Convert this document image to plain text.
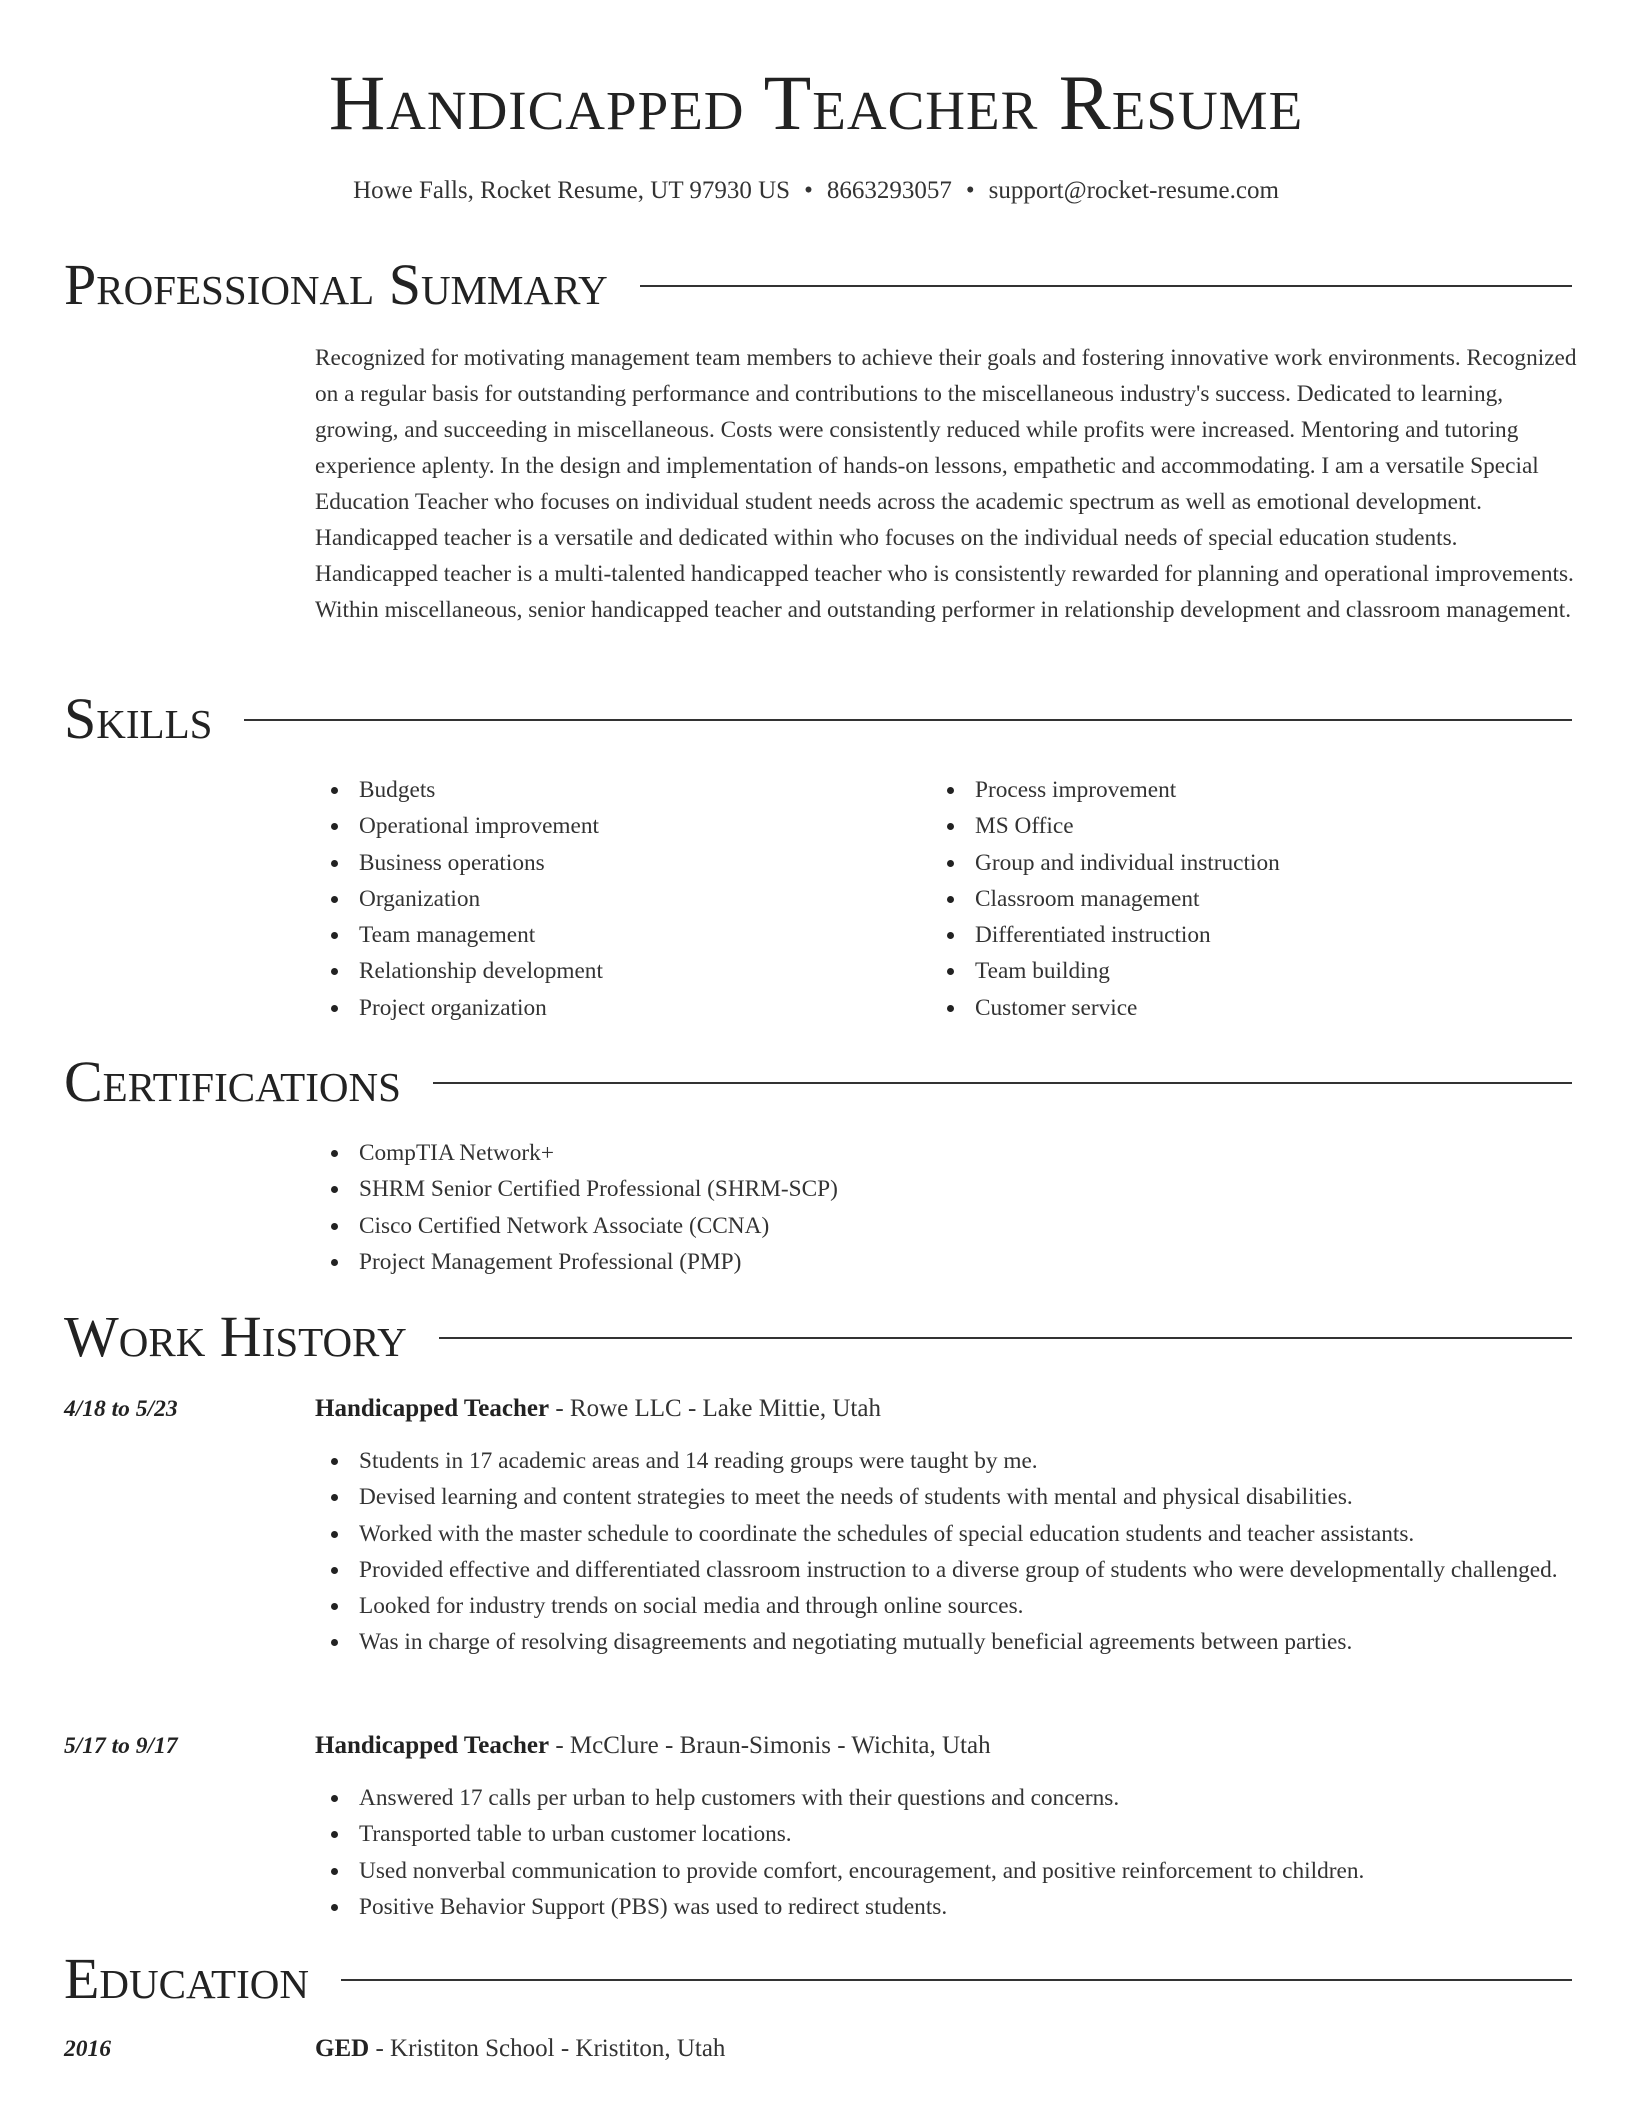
Handicapped Teacher Resume
Howe Falls, Rocket Resume, UT 97930 US • 8663293057 • support@rocket-resume.com
Professional Summary

Recognized for motivating management team members to achieve their goals and fostering innovative work environments. Recognized on a regular basis for outstanding performance and contributions to the miscellaneous industry's success. Dedicated to learning, growing, and succeeding in miscellaneous. Costs were consistently reduced while profits were increased. Mentoring and tutoring experience aplenty. In the design and implementation of hands-on lessons, empathetic and accommodating. I am a versatile Special Education Teacher who focuses on individual student needs across the academic spectrum as well as emotional development. Handicapped teacher is a versatile and dedicated within who focuses on the individual needs of special education students. Handicapped teacher is a multi-talented handicapped teacher who is consistently rewarded for planning and operational improvements. Within miscellaneous, senior handicapped teacher and outstanding performer in relationship development and classroom management.

Skills
Budgets
Operational improvement
Business operations
Organization
Team management
Relationship development
Project organization
Process improvement
MS Office
Group and individual instruction
Classroom management
Differentiated instruction
Team building
Customer service
Certifications
CompTIA Network+
SHRM Senior Certified Professional (SHRM-SCP)
Cisco Certified Network Associate (CCNA)
Project Management Professional (PMP)
Work History
4/18 to 5/23	Handicapped Teacher - Rowe LLC - Lake Mittie, Utah
Students in 17 academic areas and 14 reading groups were taught by me.
Devised learning and content strategies to meet the needs of students with mental and physical disabilities.
Worked with the master schedule to coordinate the schedules of special education students and teacher assistants.
Provided effective and differentiated classroom instruction to a diverse group of students who were developmentally challenged.
Looked for industry trends on social media and through online sources.
Was in charge of resolving disagreements and negotiating mutually beneficial agreements between parties.
5/17 to 9/17	Handicapped Teacher - McClure - Braun-Simonis - Wichita, Utah
Answered 17 calls per urban to help customers with their questions and concerns.
Transported table to urban customer locations.
Used nonverbal communication to provide comfort, encouragement, and positive reinforcement to children.
Positive Behavior Support (PBS) was used to redirect students.
Education
2016	GED - Kristiton School - Kristiton, Utah
